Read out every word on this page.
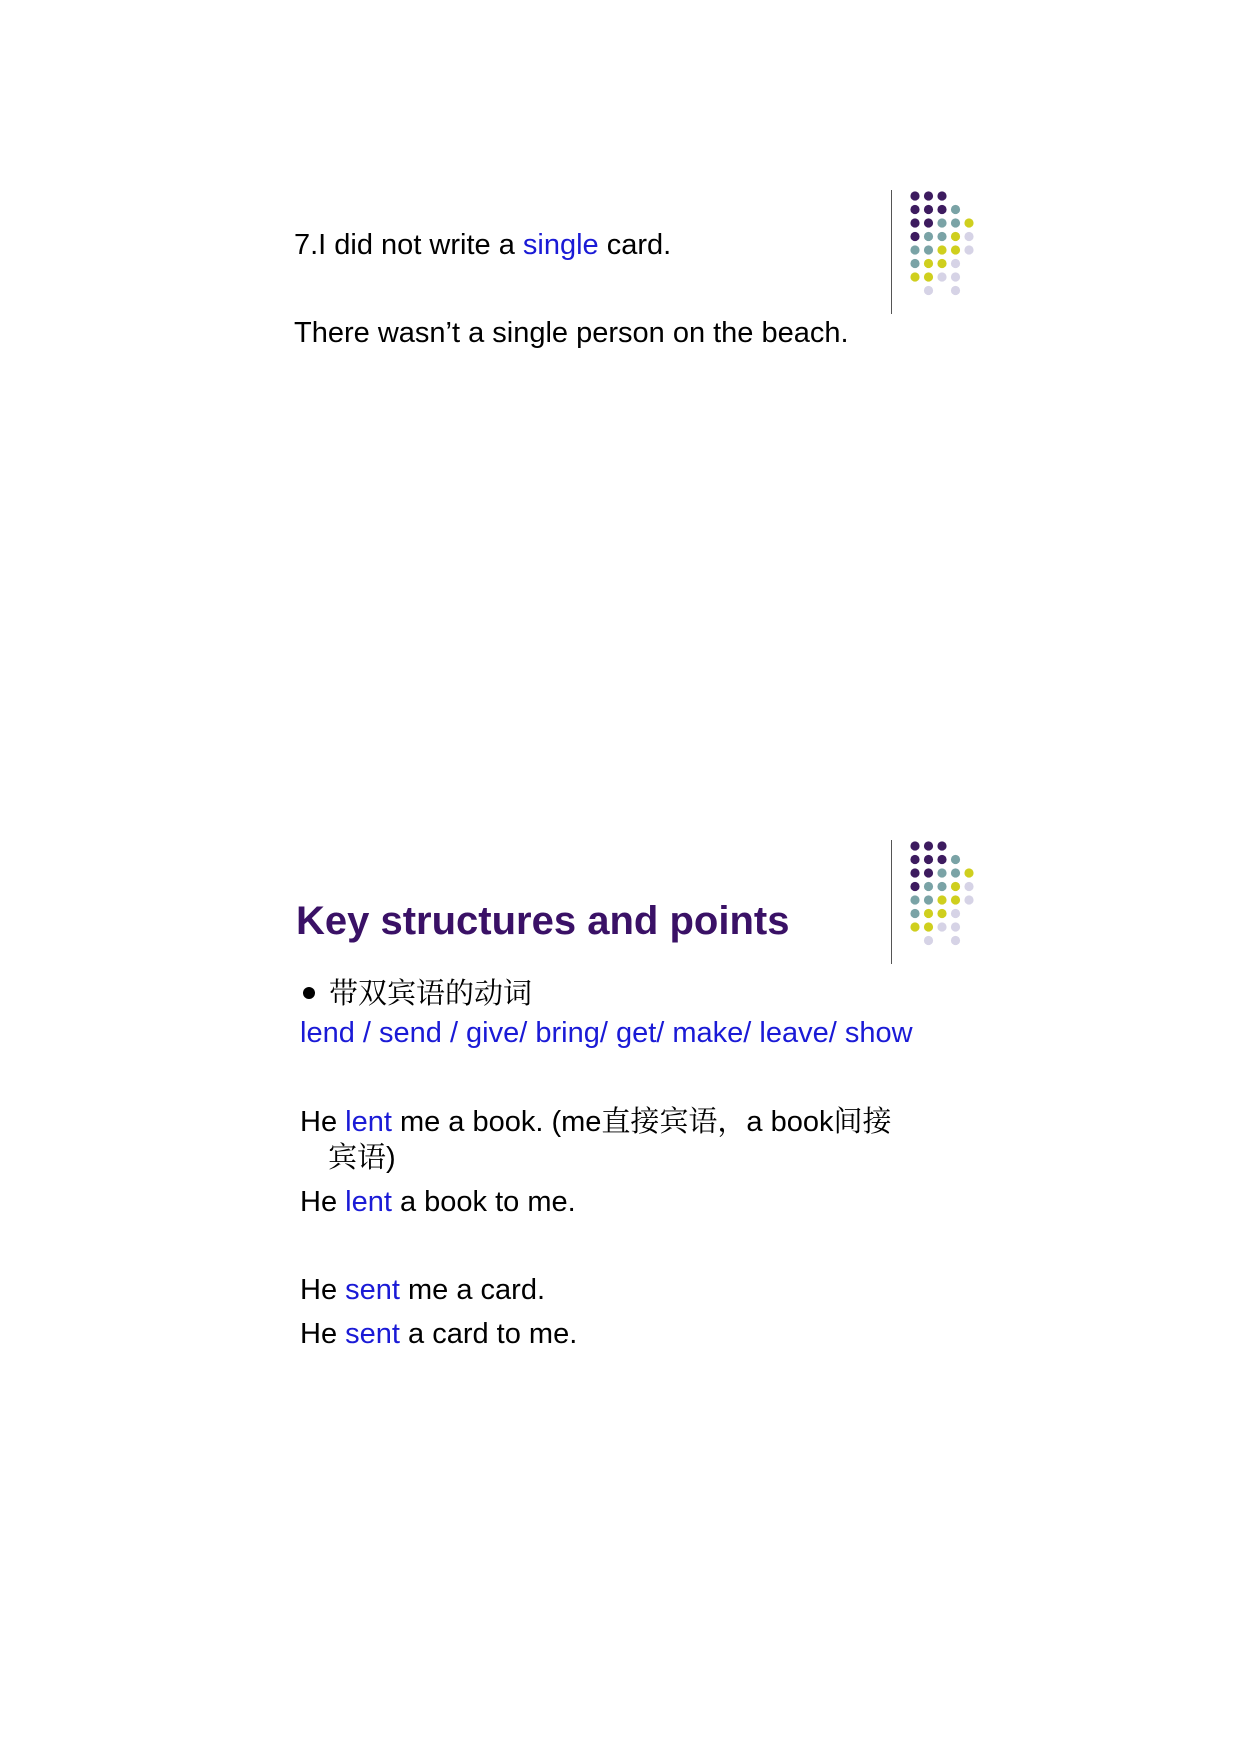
7.I did not write a single card.
There wasn’t a single person on the beach.
Key structures and points
带双宾语的动词
lend / send / give/ bring/ get/ make/ leave/ show
He lent me a book. (me直接宾语，a book间接
宾语)
He lent a book to me.
He sent me a card.
He sent a card to me.
